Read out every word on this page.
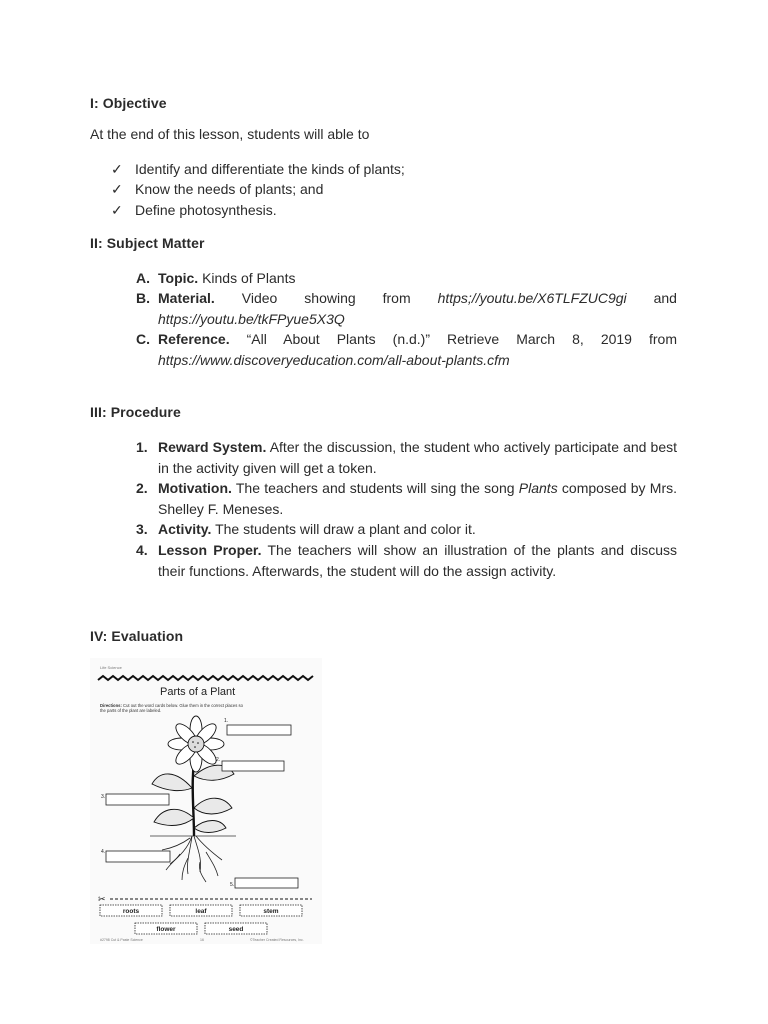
I: Objective
At the end of this lesson, students will able to
✓ Identify and differentiate the kinds of plants;
✓ Know the needs of plants; and
✓ Define photosynthesis.
II: Subject Matter
A. Topic. Kinds of Plants
B. Material. Video showing from https;//youtu.be/X6TLFZUC9gi and
https://youtu.be/tkFPyue5X3Q
C. Reference. “All About Plants (n.d.)” Retrieve March 8, 2019 from
https://www.discoveryeducation.com/all-about-plants.cfm
III: Procedure
1. Reward System. After the discussion, the student who actively participate and best in the activity given will get a token.
2. Motivation. The teachers and students will sing the song Plants composed by Mrs. Shelley F. Meneses.
3. Activity. The students will draw a plant and color it.
4. Lesson Proper. The teachers will show an illustration of the plants and discuss their functions. Afterwards, the student will do the assign activity.
IV: Evaluation
Life Science
Parts of a Plant
Directions: Cut out the word cards below. Glue them in the correct places so
the parts of the plant are labeled.
1.
2.
3.
4.
5.
✂
roots	leaf	stem
flower	seed
#2798 Cut & Paste Science	16	©Teacher Created Resources, Inc.
